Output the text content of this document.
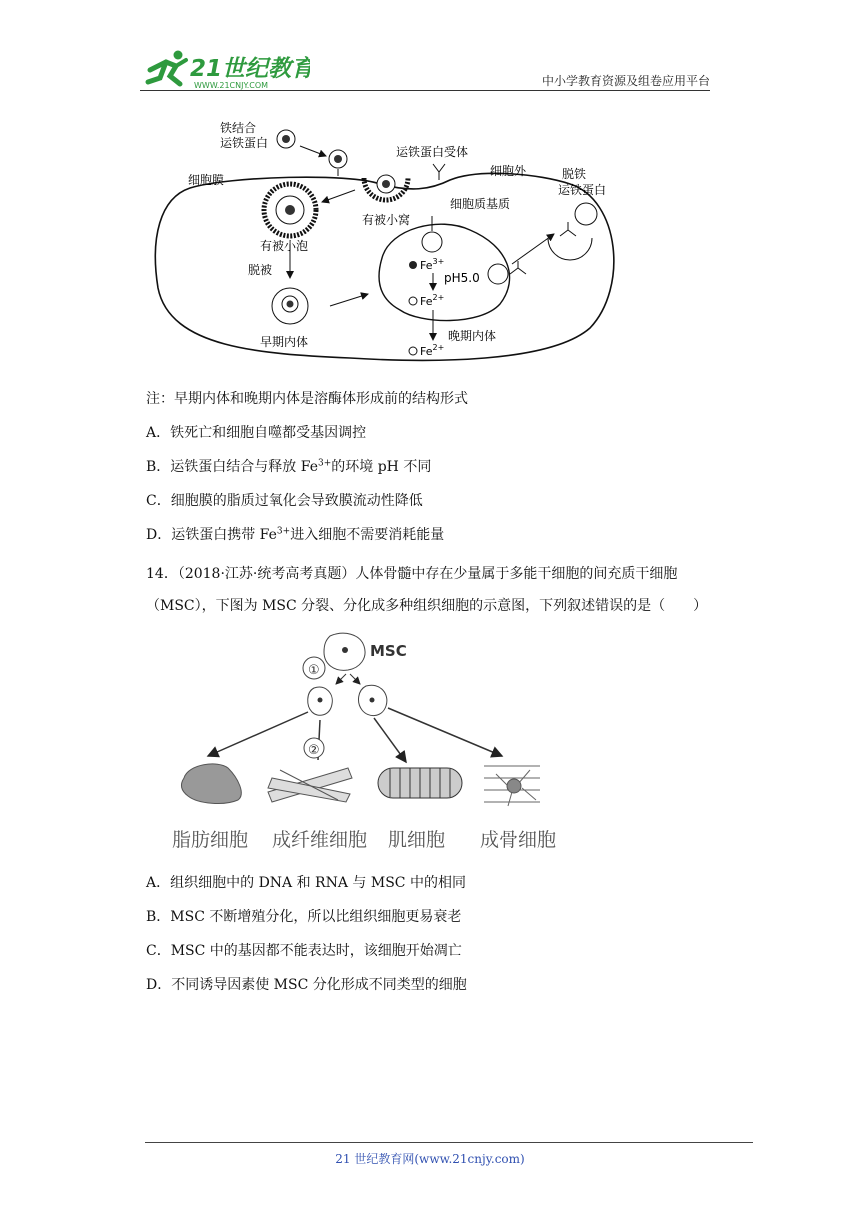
21世纪教育
WWW.21CNJY.COM	中小学教育资源及组卷应用平台
铁结合
运铁蛋白
运铁蛋白受体
细胞外
细胞膜
有被小窝
细胞质基质
脱铁
运铁蛋白
有被小泡
脱被
早期内体	晚期内体
pH5.0
$Fe^{3+}$
$Fe^{2+}$
$Fe^{2+}$
注：早期内体和晚期内体是溶酶体形成前的结构形式
A．铁死亡和细胞自噬都受基因调控
B．运铁蛋白结合与释放 $Fe^{3+}$的环境 pH 不同
C．细胞膜的脂质过氧化会导致膜流动性降低
D．运铁蛋白携带 $Fe^{3+}$进入细胞不需要消耗能量
14．（2018·江苏·统考高考真题）人体骨髓中存在少量属于多能干细胞的间充质干细胞（MSC），下图为 MSC 分裂、分化成多种组织细胞的示意图，下列叙述错误的是（　　）
MSC
①
②
脂肪细胞 成纤维细胞 肌细胞 成骨细胞
A．组织细胞中的 DNA 和 RNA 与 MSC 中的相同
B．MSC 不断增殖分化，所以比组织细胞更易衰老
C．MSC 中的基因都不能表达时，该细胞开始凋亡
D．不同诱导因素使 MSC 分化形成不同类型的细胞
21 世纪教育网(www.21cnjy.com)
